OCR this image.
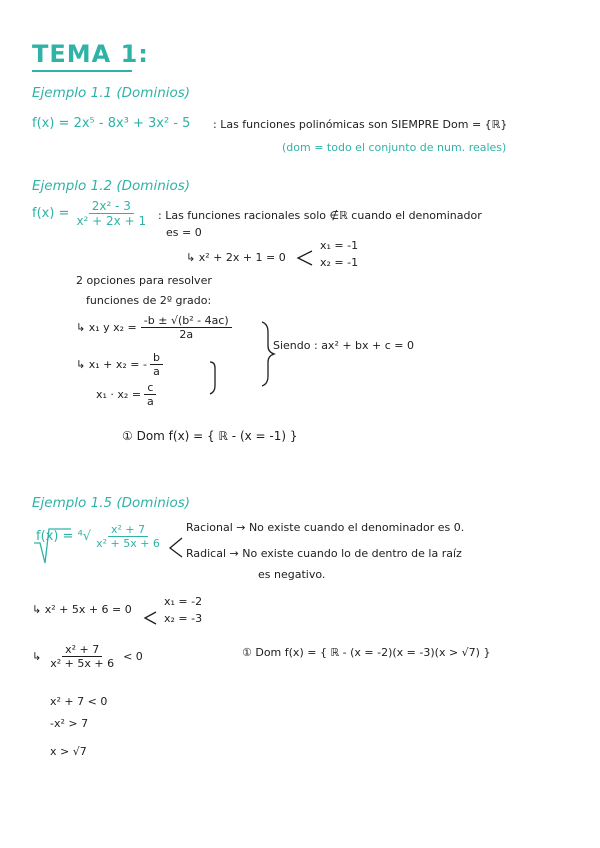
TEMA 1:
Ejemplo 1.1 (Dominios)
f(x) = 2x⁵ - 8x³ + 3x² - 5 : Las funciones polinómicas son SIEMPRE Dom = {ℝ}
(dom = todo el conjunto de num. reales)
Ejemplo 1.2 (Dominios)
$f(x) = \frac{\text{2x² - 3}}{\text{x² + 2x + 1}}$ : Las funciones racionales solo ∉ℝ cuando el denominador
es = 0
↳ x² + 2x + 1 = 0
x₁ = -1
x₂ = -1
2 opciones para resolver
funciones de 2º grado:
↳ x₁ y $x_2 = \frac{\text{-b ± √(b² - 4ac)}}{2a}$
↳ x₁ + x₂ = - $\frac{b}{a}$
$x_1 \cdot x_2 = \frac{c}{a}$
Siendo : ax² + bx + c = 0
① Dom f(x) = { ℝ - (x = -1) }
Ejemplo 1.5 (Dominios)
$f(x) = ^4√ \frac{\text{x² + 7}}{\text{x² + 5x + 6}}$ Racional → No existe cuando el denominador es 0.
Radical → No existe cuando lo de dentro de la raíz
es negativo.
↳ x² + 5x + 6 = 0
x₁ = -2
x₂ = -3
↳ $\frac{\text{x² + 7}}{\text{x² + 5x + 6}} < 0$
x² + 7 < 0
-x² > 7
x > √7
① Dom f(x) = { ℝ - (x = -2)(x = -3)(x > √7) }
